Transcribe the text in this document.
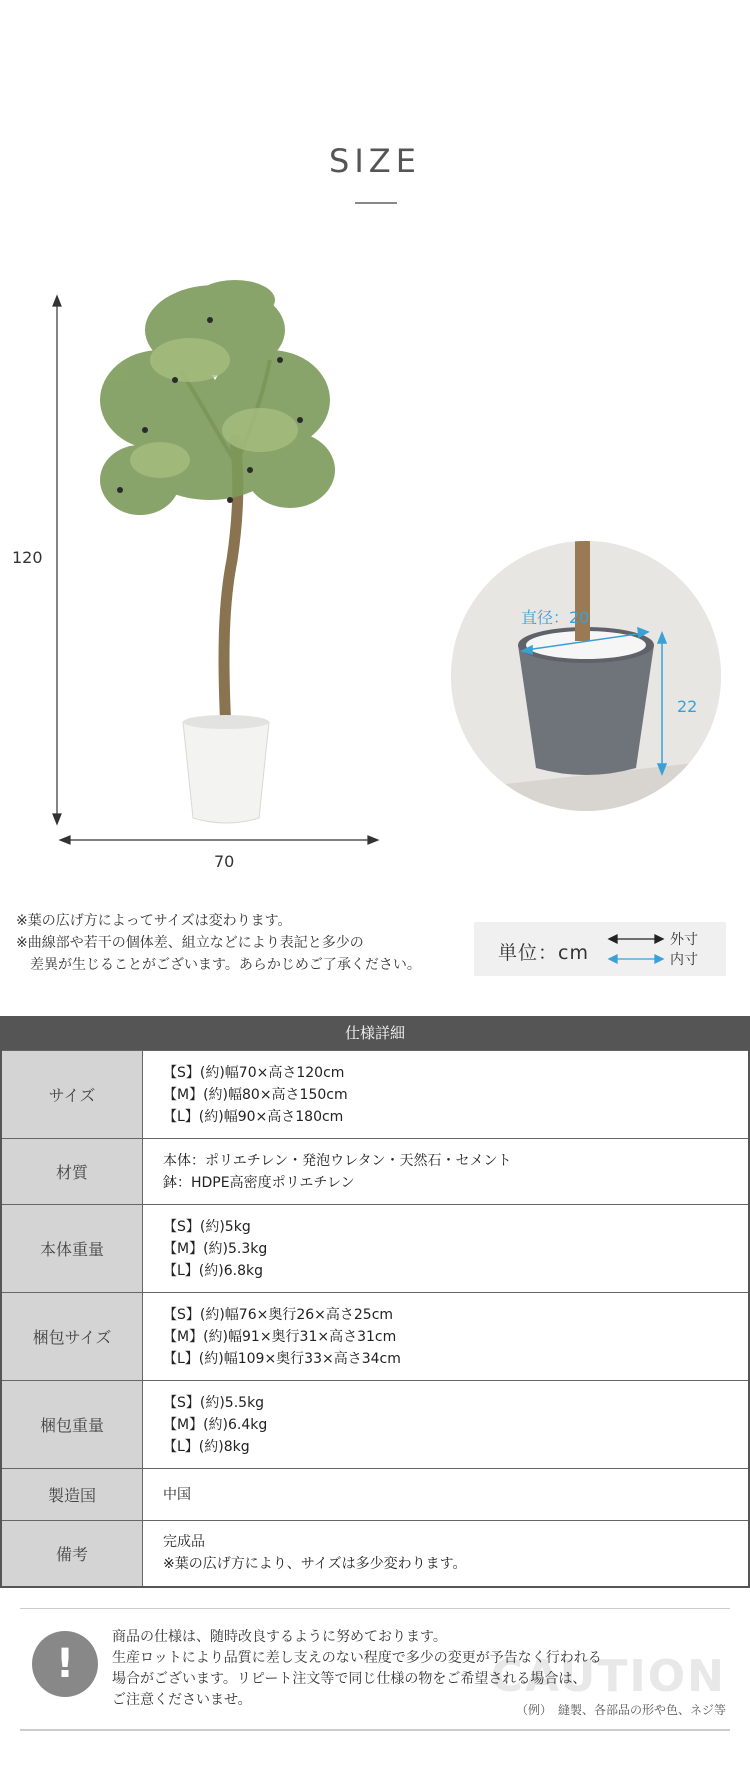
SIZE
直径：20
22
120
70
※葉の広げ方によってサイズは変わります。
※曲線部や若干の個体差、組立などにより表記と多少の
差異が生じることがございます。あらかじめご了承ください。
単位：cm
外寸
内寸
仕様詳細
サイズ	【S】(約)幅70×高さ120cm
【M】(約)幅80×高さ150cm
【L】(約)幅90×高さ180cm

材質	本体：ポリエチレン・発泡ウレタン・天然石・セメント
鉢：HDPE高密度ポリエチレン

本体重量	【S】(約)5kg
【M】(約)5.3kg
【L】(約)6.8kg

梱包サイズ	【S】(約)幅76×奥行26×高さ25cm
【M】(約)幅91×奥行31×高さ31cm
【L】(約)幅109×奥行33×高さ34cm

梱包重量	【S】(約)5.5kg
【M】(約)6.4kg
【L】(約)8kg

製造国	中国

備考	完成品
※葉の広げ方により、サイズは多少変わります。
CAUTION
!
商品の仕様は、随時改良するように努めております。
生産ロットにより品質に差し支えのない程度で多少の変更が予告なく行われる
場合がございます。リピート注文等で同じ仕様の物をご希望される場合は、
ご注意くださいませ。
（例）　縫製、各部品の形や色、ネジ等
